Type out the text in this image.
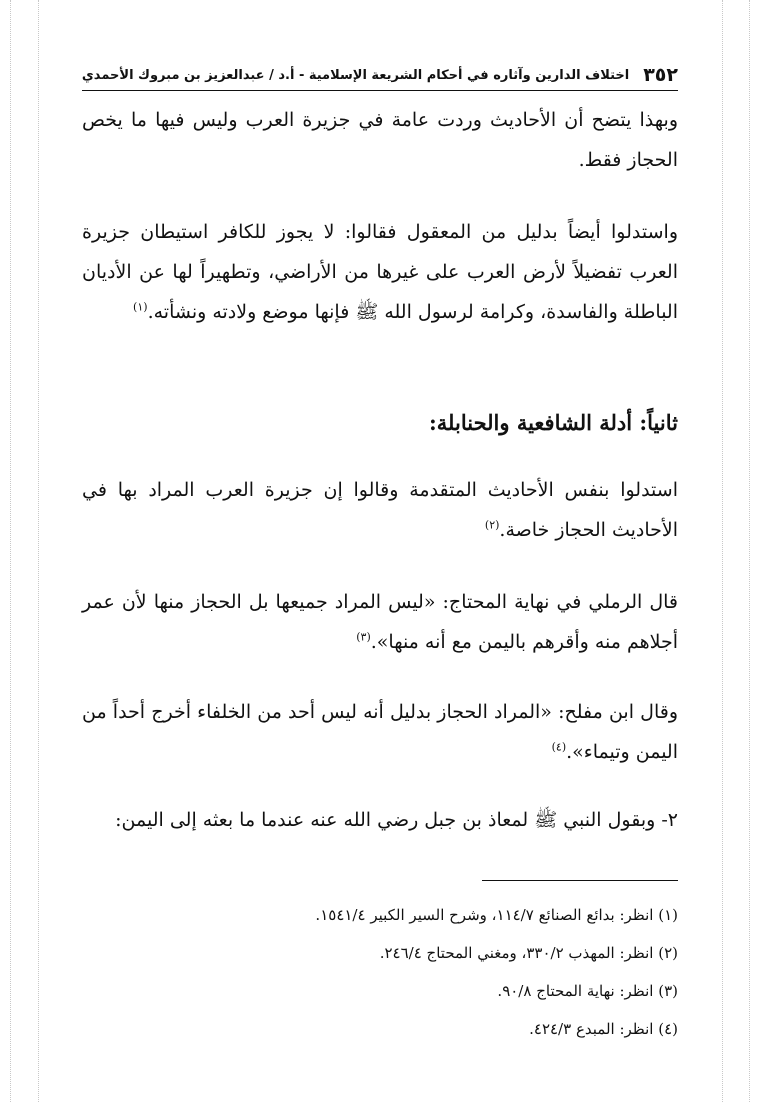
٣٥٢
اختلاف الدارين وآثاره في أحكام الشريعة الإسلامية - أ.د / عبدالعزيز بن مبروك الأحمدي

وبهذا يتضح أن الأحاديث وردت عامة في جزيرة العرب وليس فيها ما يخص الحجاز فقط.

واستدلوا أيضاً بدليل من المعقول فقالوا: لا يجوز للكافر استيطان جزيرة العرب تفضيلاً لأرض العرب على غيرها من الأراضي، وتطهيراً لها عن الأديان الباطلة والفاسدة، وكرامة لرسول الله ﷺ فإنها موضع ولادته ونشأته.$^{(١)}$

ثانياً: أدلة الشافعية والحنابلة:

استدلوا بنفس الأحاديث المتقدمة وقالوا إن جزيرة العرب المراد بها في الأحاديث الحجاز خاصة.$^{(٢)}$

قال الرملي في نهاية المحتاج: «ليس المراد جميعها بل الحجاز منها لأن عمر أجلاهم منه وأقرهم باليمن مع أنه منها».$^{(٣)}$

وقال ابن مفلح: «المراد الحجاز بدليل أنه ليس أحد من الخلفاء أخرج أحداً من اليمن وتيماء».$^{(٤)}$

٢- وبقول النبي ﷺ لمعاذ بن جبل رضي الله عنه عندما ما بعثه إلى اليمن:

(١) انظر: بدائع الصنائع ١١٤/٧، وشرح السير الكبير ١٥٤١/٤.
(٢) انظر: المهذب ٣٣٠/٢، ومغني المحتاج ٢٤٦/٤.
(٣) انظر: نهاية المحتاج ٩٠/٨.
(٤) انظر: المبدع ٤٢٤/٣.
